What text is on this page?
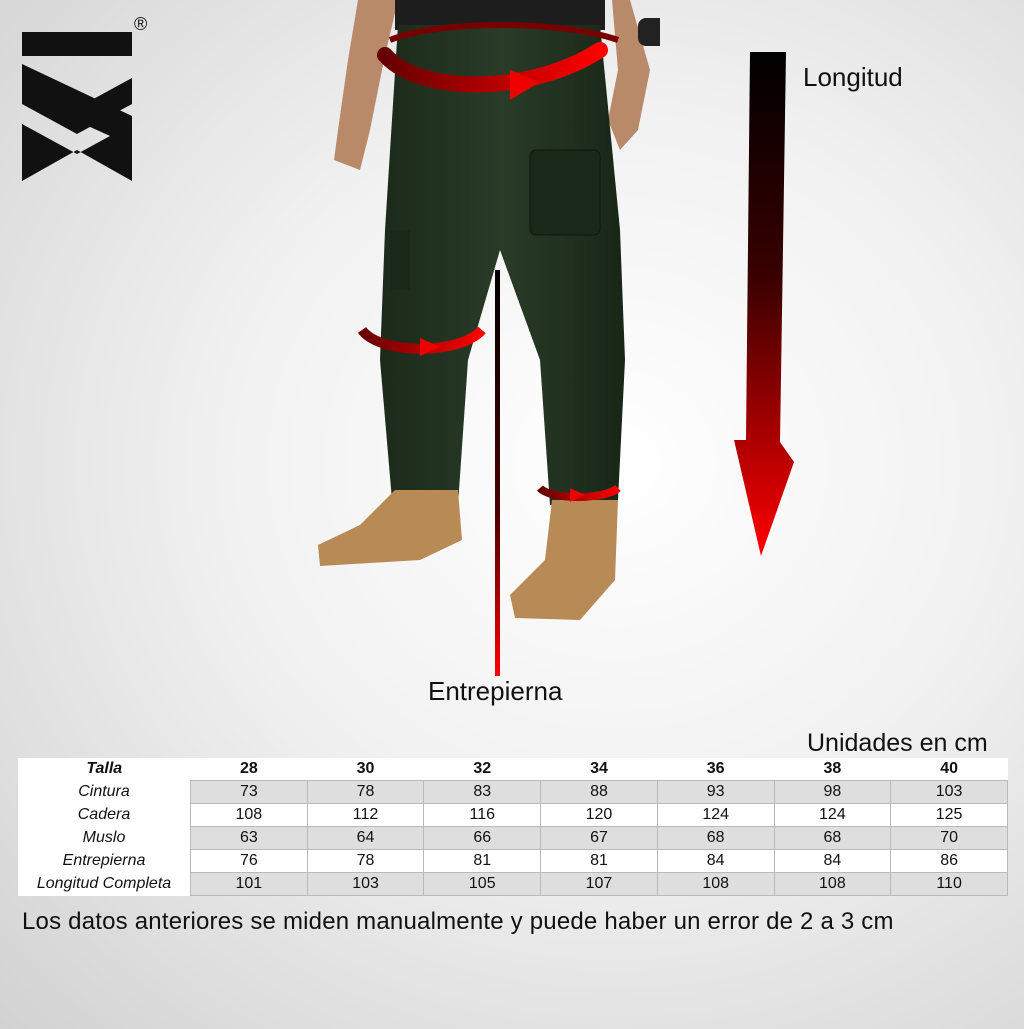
®
Longitud
Entrepierna
Unidades en cm
Talla	28	30	32	34	36	38	40
Cintura	73	78	83	88	93	98	103
Cadera	108	112	116	120	124	124	125
Muslo	63	64	66	67	68	68	70
Entrepierna	76	78	81	81	84	84	86
Longitud Completa	101	103	105	107	108	108	110
Los datos anteriores se miden manualmente y puede haber un error de 2 a 3 cm
